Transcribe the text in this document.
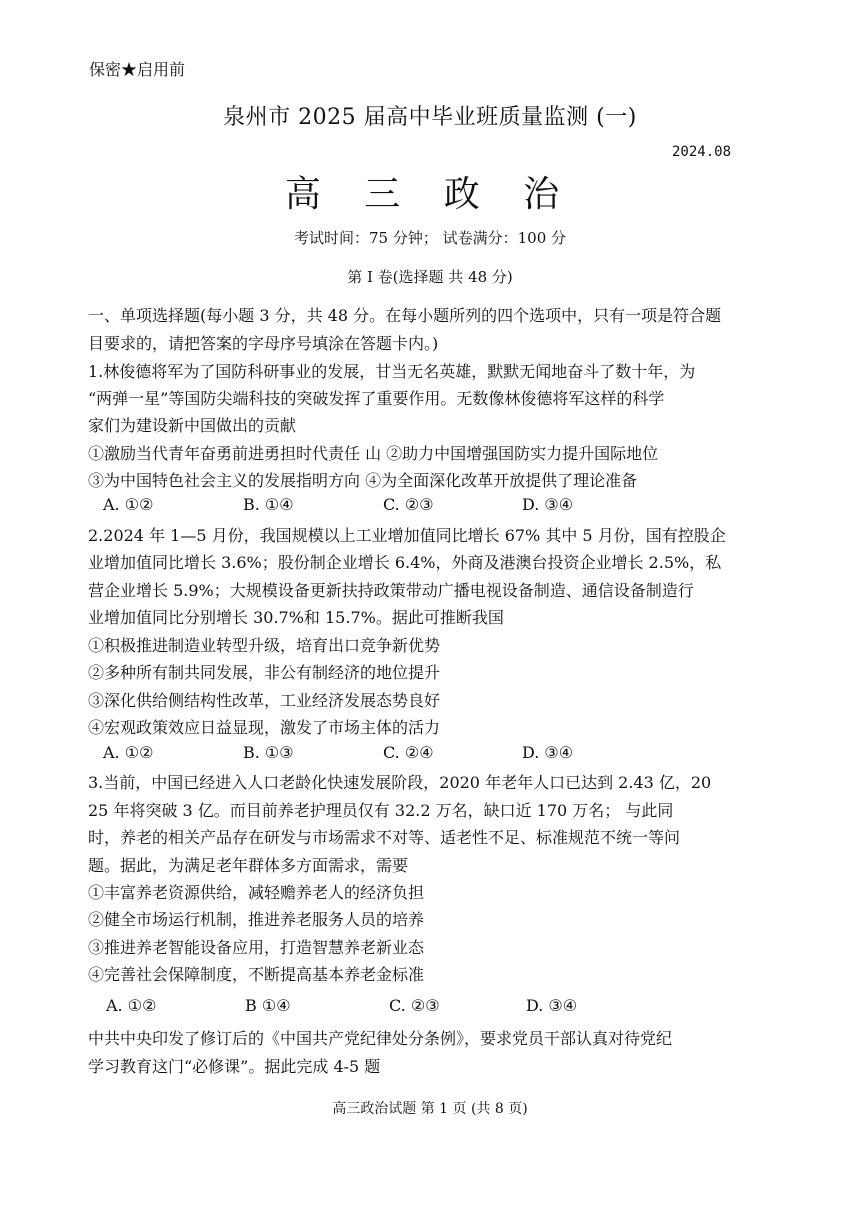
保密★启用前
泉州市 2025 届高中毕业班质量监测 (一)
2024.08
高 三 政 治
考试时间：75 分钟； 试卷满分：100 分
第 I 卷(选择题 共 48 分)
一、单项选择题(每小题 3 分，共 48 分。在每小题所列的四个选项中，只有一项是符合题
目要求的，请把答案的字母序号填涂在答题卡内。)
1.林俊德将军为了国防科研事业的发展，甘当无名英雄，默默无闻地奋斗了数十年，为
“两弹一星”等国防尖端科技的突破发挥了重要作用。无数像林俊德将军这样的科学
家们为建设新中国做出的贡献
①激励当代青年奋勇前进勇担时代责任 山 ②助力中国增强国防实力提升国际地位
③为中国特色社会主义的发展指明方向 ④为全面深化改革开放提供了理论准备
A. ①②	B. ①④	C. ②③	D. ③④
2.2024 年 1—5 月份，我国规模以上工业增加值同比增长 67% 其中 5 月份，国有控股企
业增加值同比增长 3.6%；股份制企业增长 6.4%，外商及港澳台投资企业增长 2.5%，私
营企业增长 5.9%；大规模设备更新扶持政策带动广播电视设备制造、通信设备制造行
业增加值同比分别增长 30.7%和 15.7%。据此可推断我国
①积极推进制造业转型升级，培育出口竞争新优势
②多种所有制共同发展，非公有制经济的地位提升
③深化供给侧结构性改革，工业经济发展态势良好
④宏观政策效应日益显现，激发了市场主体的活力
A. ①②	B. ①③	C. ②④	D. ③④
3.当前，中国已经进入人口老龄化快速发展阶段，2020 年老年人口已达到 2.43 亿，20
25 年将突破 3 亿。而目前养老护理员仅有 32.2 万名，缺口近 170 万名； 与此同
时，养老的相关产品存在研发与市场需求不对等、适老性不足、标准规范不统一等问
题。据此，为满足老年群体多方面需求，需要
①丰富养老资源供给，减轻赡养老人的经济负担
②健全市场运行机制，推进养老服务人员的培养
③推进养老智能设备应用，打造智慧养老新业态
④完善社会保障制度，不断提高基本养老金标准
A. ①②	B ①④	C. ②③	D. ③④
中共中央印发了修订后的《中国共产党纪律处分条例》，要求党员干部认真对待党纪
学习教育这门“必修课”。据此完成 4-5 题
高三政治试题 第 1 页 (共 8 页)
